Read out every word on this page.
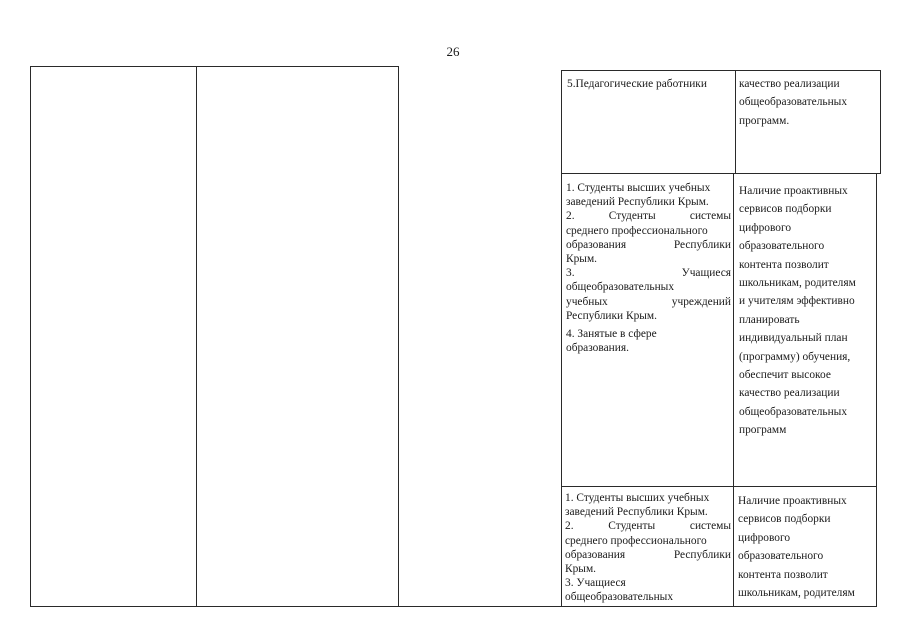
26

5.Педагогические работники	качество реализации

общеобразовательных

программ.

1. Студенты высших учебных

заведений Республики Крым.

2. Студенты системы

среднего профессионального

образования Республики

Крым.

3. Учащиеся

общеобразовательных

учебных учреждений

Республики Крым.

4. Занятые в сфере

образования.

Наличие проактивных

сервисов подборки

цифрового

образовательного

контента позволит

школьникам, родителям

и учителям эффективно

планировать

индивидуальный план

(программу) обучения,

обеспечит высокое

качество реализации

общеобразовательных

программ

1. Студенты высших учебных

заведений Республики Крым.

2. Студенты системы

среднего профессионального

образования Республики

Крым.

3. Учащиеся

общеобразовательных

Наличие проактивных

сервисов подборки

цифрового

образовательного

контента позволит

школьникам, родителям
